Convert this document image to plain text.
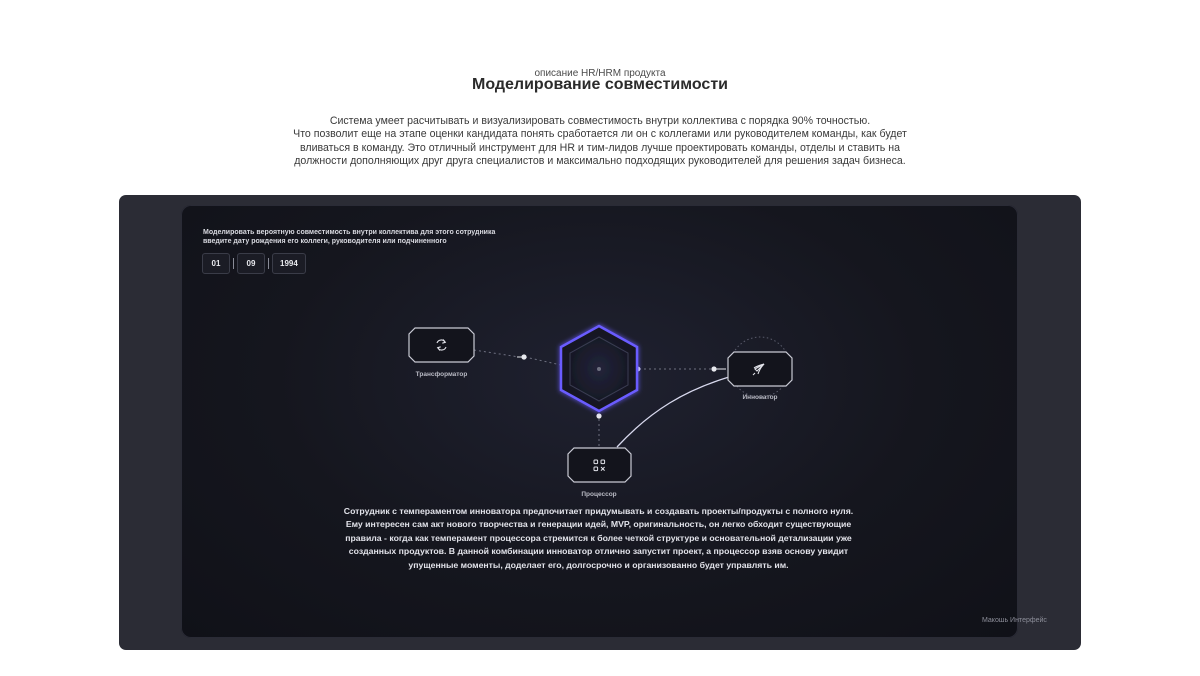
описание HR/HRM продукта
Моделирование совместимости

Система умеет расчитывать и визуализировать совместимость внутри коллектива с порядка 90% точностью.

Что позволит еще на этапе оценки кандидата понять сработается ли он с коллегами или руководителем команды, как будет

вливаться в команду. Это отличный инструмент для HR и тим-лидов лучше проектировать команды, отделы и ставить на

должности дополняющих друг друга специалистов и максимально подходящих руководителей для решения задач бизнеса.

Моделировать вероятную совместимость внутри коллектива для этого сотрудника

введите дату рождения его коллеги, руководителя или подчиненного

01	09	1994
Трансформатор
Инноватор
Процессор

Сотрудник с темпераментом инноватора предпочитает придумывать и создавать проекты/продукты с полного нуля.

Ему интересен сам акт нового творчества и генерации идей, MVP, оригинальность, он легко обходит существующие

правила - когда как темперамент процессора стремится к более четкой структуре и основательной детализации уже

созданных продуктов. В данной комбинации инноватор отлично запустит проект, а процессор взяв основу увидит

упущенные моменты, доделает его, долгосрочно и организованно будет управлять им.

Макошь Интерфейс
